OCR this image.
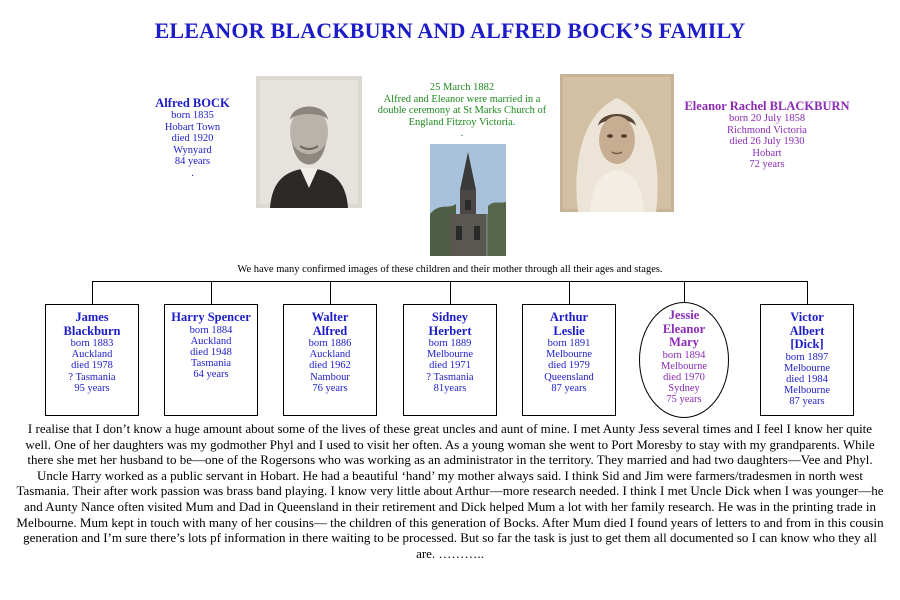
ELEANOR BLACKBURN AND ALFRED BOCK’S FAMILY
Alfred BOCK
born 1835
Hobart Town
died 1920
Wynyard
84 years
.
25 March 1882
Alfred and Eleanor were married in a
double ceremony at St Marks Church of
England Fitzroy Victoria.
.
Eleanor Rachel BLACKBURN
born 20 July 1858
Richmond Victoria
died 26 July 1930
Hobart
72 years
We have many confirmed images of these children and their mother through all their ages and stages.
James
Blackburn
born 1883
Auckland
died 1978
? Tasmania
95 years
Harry Spencer
born 1884
Auckland
died 1948
Tasmania
64 years
Walter
Alfred
born 1886
Auckland
died 1962
Nambour
76 years
Sidney
Herbert
born 1889
Melbourne
died 1971
? Tasmania
81years
Arthur
Leslie
born 1891
Melbourne
died 1979
Queensland
87 years
Jessie
Eleanor
Mary
born 1894
Melbourne
died 1970
Sydney
75 years
Victor
Albert
[Dick]
born 1897
Melbourne
died 1984
Melbourne
87 years
I realise that I don’t know a huge amount about some of the lives of these great uncles and aunt of mine. I met Aunty Jess several times and I feel I know her quite well. One of her daughters was my godmother Phyl and I used to visit her often. As a young woman she went to Port Moresby to stay with my grandparents. While there she met her husband to be—one of the Rogersons who was working as an administrator in the territory. They married and had two daughters—Vee and Phyl. Uncle Harry worked as a public servant in Hobart. He had a beautiful ‘hand’ my mother always said. I think Sid and Jim were farmers/tradesmen in north west Tasmania. Their after work passion was brass band playing. I know very little about Arthur—more research needed. I think I met Uncle Dick when I was younger—he and Aunty Nance often visited Mum and Dad in Queensland in their retirement and Dick helped Mum a lot with her family research. He was in the printing trade in Melbourne. Mum kept in touch with many of her cousins— the children of this generation of Bocks. After Mum died I found years of letters to and from in this cousin generation and I’m sure there’s lots pf information in there waiting to be processed. But so far the task is just to get them all documented so I can know who they all are. ………..
